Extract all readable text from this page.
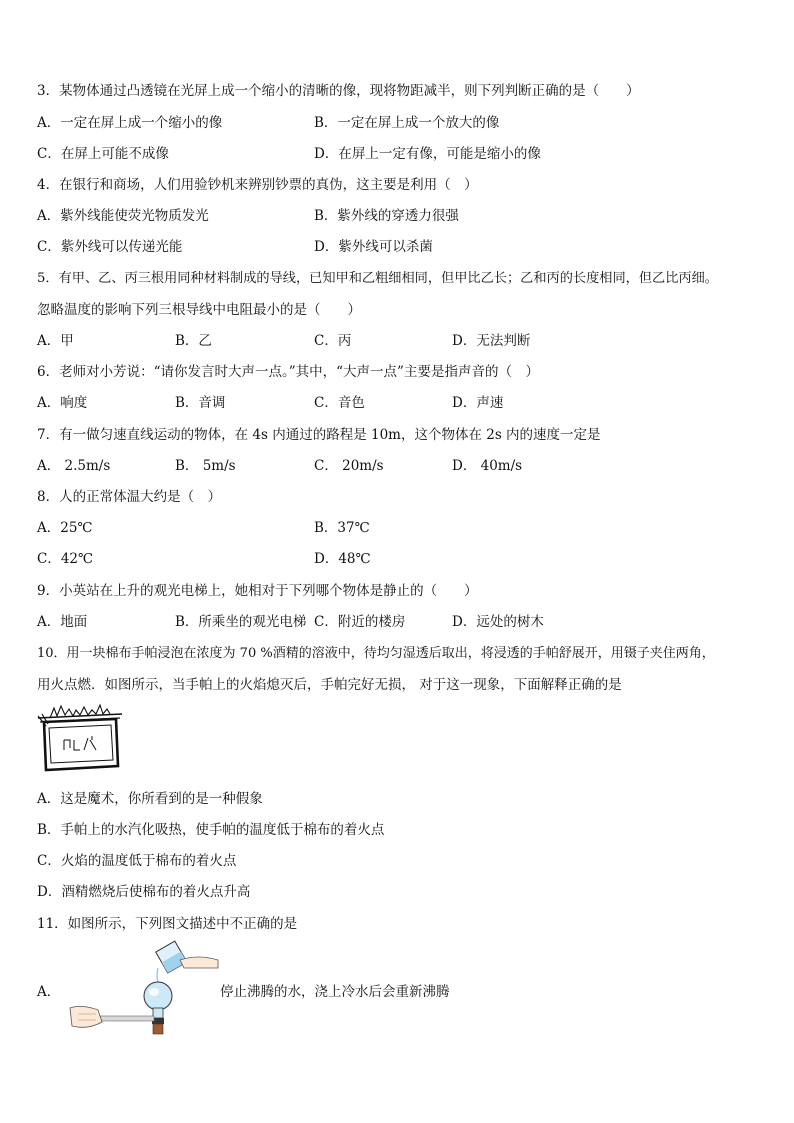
3．某物体通过凸透镜在光屏上成一个缩小的清晰的像，现将物距减半，则下列判断正确的是（　　）
A．一定在屏上成一个缩小的像	B．一定在屏上成一个放大的像
C．在屏上可能不成像	D．在屏上一定有像，可能是缩小的像
4．在银行和商场，人们用验钞机来辨别钞票的真伪，这主要是利用（　）
A．紫外线能使荧光物质发光	B．紫外线的穿透力很强
C．紫外线可以传递光能	D．紫外线可以杀菌
5．有甲、乙、丙三根用同种材料制成的导线，已知甲和乙粗细相同，但甲比乙长；乙和丙的长度相同，但乙比丙细。
忽略温度的影响下列三根导线中电阻最小的是（　　）
A．甲	B．乙	C．丙	D．无法判断
6．老师对小芳说：“请你发言时大声一点。”其中，“大声一点”主要是指声音的（　）
A．响度	B．音调	C．音色	D．声速
7．有一做匀速直线运动的物体，在 4s 内通过的路程是 10m，这个物体在 2s 内的速度一定是
A． 2.5m/s	B． 5m/s	C． 20m/s	D． 40m/s
8．人的正常体温大约是（　）
A．25℃	B．37℃
C．42℃	D．48℃
9．小英站在上升的观光电梯上，她相对于下列哪个物体是静止的（　　）
A．地面	B．所乘坐的观光电梯 C．附近的楼房	D．远处的树木
10．用一块棉布手帕浸泡在浓度为 70 %酒精的溶液中，待均匀湿透后取出，将浸透的手帕舒展开，用镊子夹住两角，
用火点燃．如图所示，当手帕上的火焰熄灭后，手帕完好无损， 对于这一现象，下面解释正确的是
A．这是魔术，你所看到的是一种假象
B．手帕上的水汽化吸热，使手帕的温度低于棉布的着火点
C．火焰的温度低于棉布的着火点
D．酒精燃烧后使棉布的着火点升高
11．如图所示，下列图文描述中不正确的是
A．	停止沸腾的水，浇上冷水后会重新沸腾
